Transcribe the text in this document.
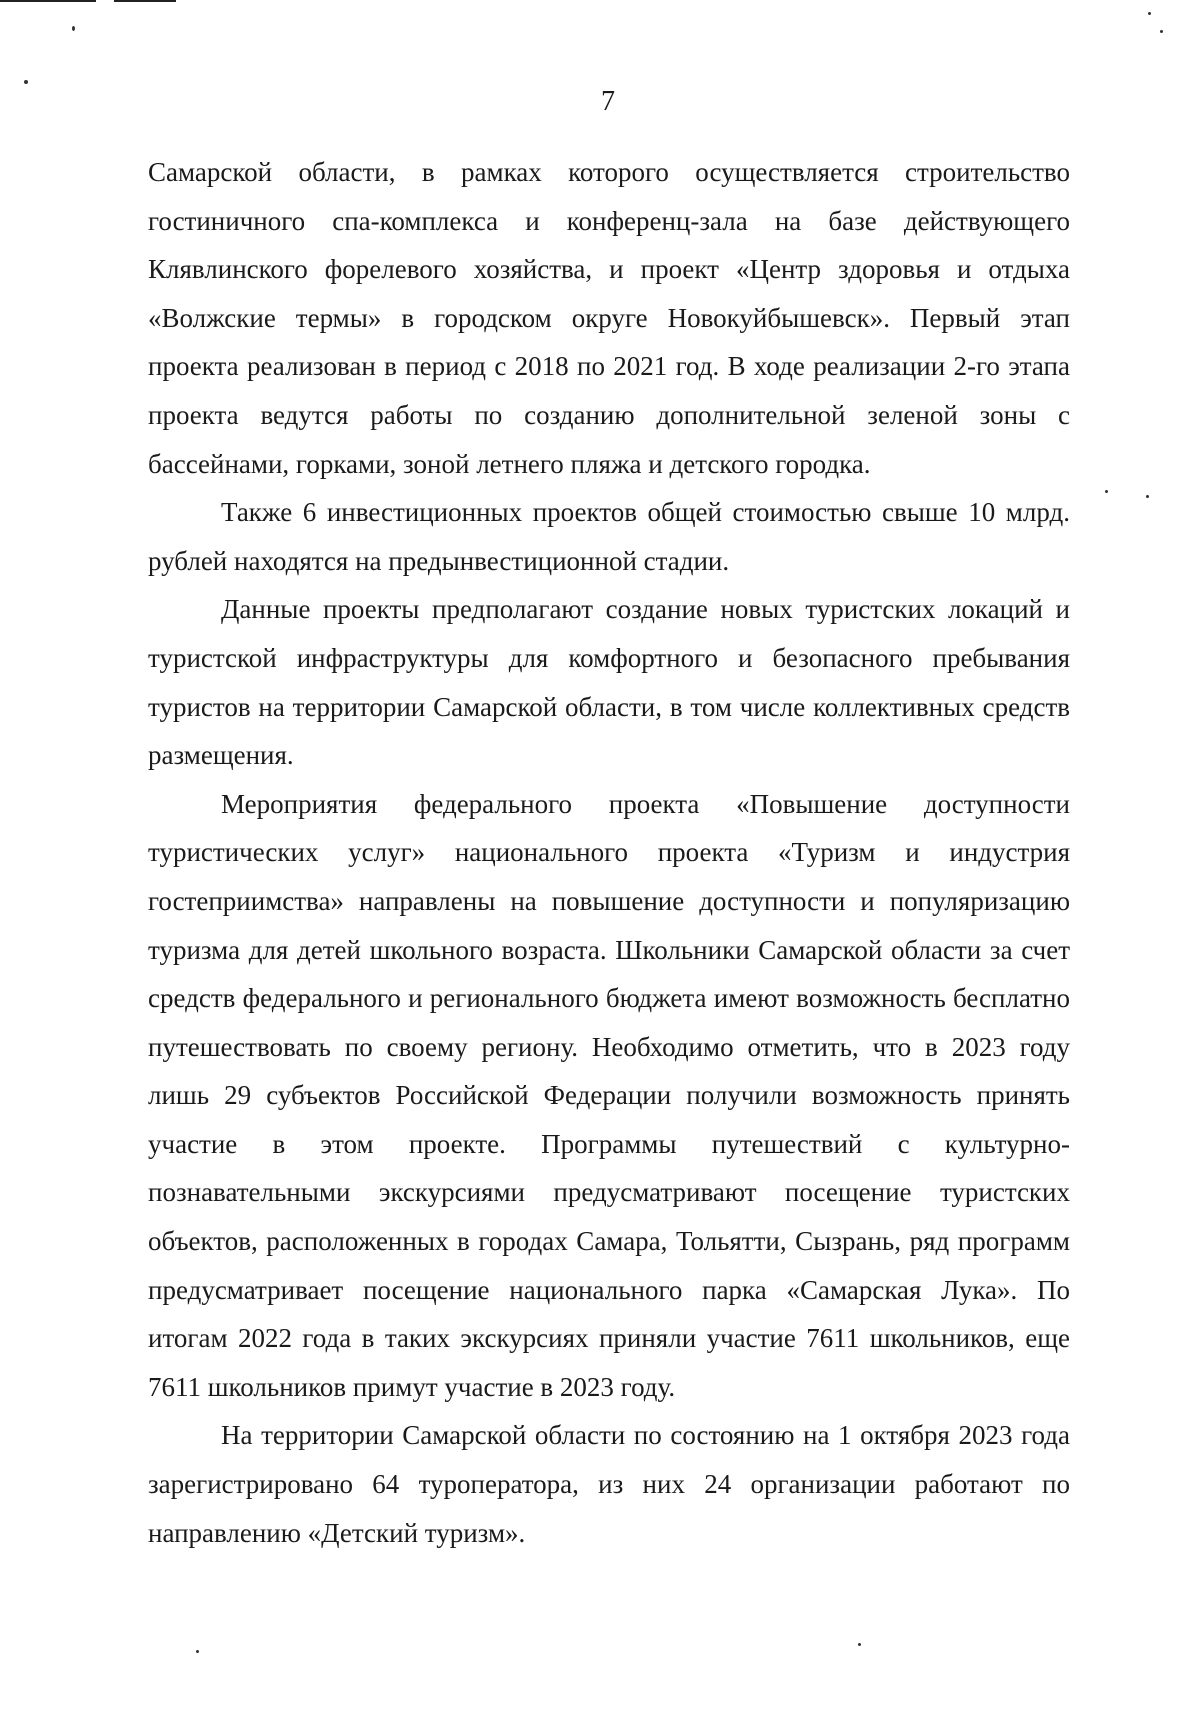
7

Самарской области, в рамках которого осуществляется строительство гостиничного спа-комплекса и конференц-зала на базе действующего Клявлинского форелевого хозяйства, и проект «Центр здоровья и отдыха «Волжские термы» в городском округе Новокуйбышевск». Первый этап проекта реализован в период с 2018 по 2021 год. В ходе реализации 2-го этапа проекта ведутся работы по созданию дополнительной зеленой зоны с бассейнами, горками, зоной летнего пляжа и детского городка.

Также 6 инвестиционных проектов общей стоимостью свыше 10 млрд. рублей находятся на предынвестиционной стадии.

Данные проекты предполагают создание новых туристских локаций и туристской инфраструктуры для комфортного и безопасного пребывания туристов на территории Самарской области, в том числе коллективных средств размещения.

Мероприятия федерального проекта «Повышение доступности туристических услуг» национального проекта «Туризм и индустрия гостеприимства» направлены на повышение доступности и популяризацию туризма для детей школьного возраста. Школьники Самарской области за счет средств федерального и регионального бюджета имеют возможность бесплатно путешествовать по своему региону. Необходимо отметить, что в 2023 году лишь 29 субъектов Российской Федерации получили возможность принять участие в этом проекте. Программы путешествий с культурно-познавательными экскурсиями предусматривают посещение туристских объектов, расположенных в городах Самара, Тольятти, Сызрань, ряд программ предусматривает посещение национального парка «Самарская Лука». По итогам 2022 года в таких экскурсиях приняли участие 7611 школьников, еще 7611 школьников примут участие в 2023 году.

На территории Самарской области по состоянию на 1 октября 2023 года зарегистрировано 64 туроператора, из них 24 организации работают по направлению «Детский туризм».
